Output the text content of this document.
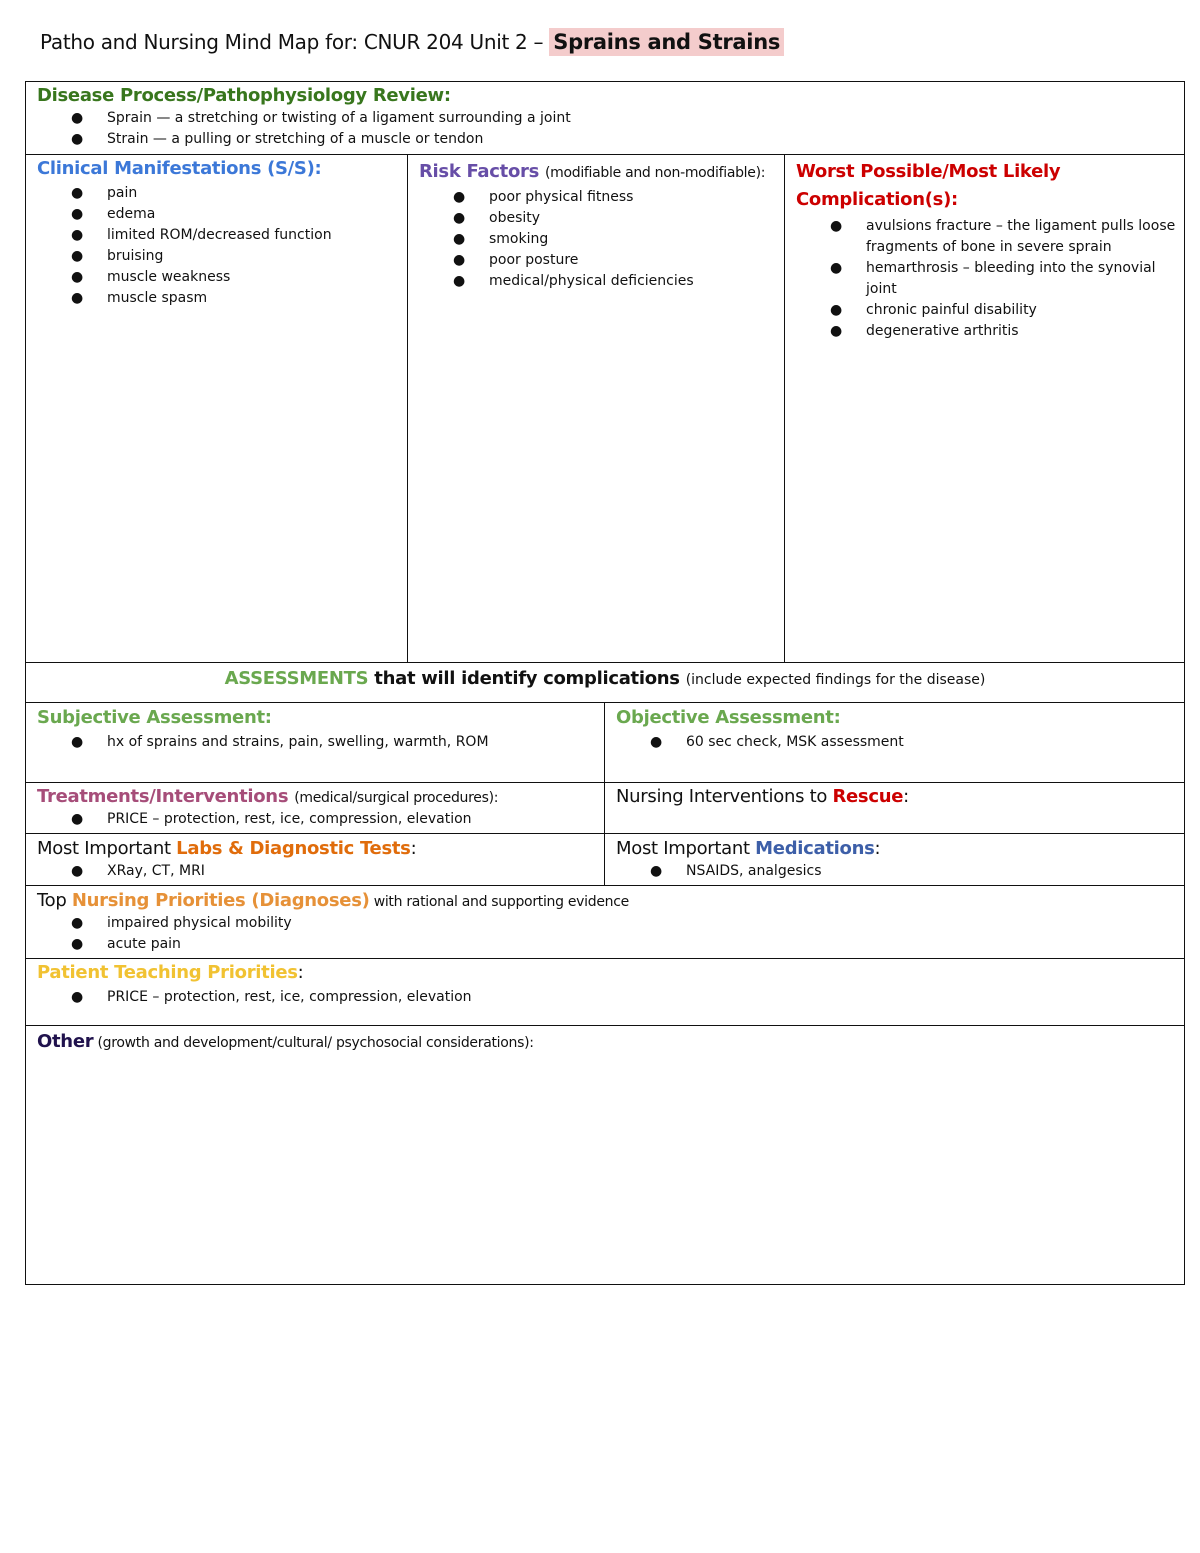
Patho and Nursing Mind Map for: CNUR 204 Unit 2 – Sprains and Strains
Disease Process/Pathophysiology Review:
● Sprain — a stretching or twisting of a ligament surrounding a joint
● Strain — a pulling or stretching of a muscle or tendon
Clinical Manifestations (S/S):
● pain
● edema
● limited ROM/decreased function
● bruising
● muscle weakness
● muscle spasm
Risk Factors (modifiable and non-modifiable):
● poor physical fitness
● obesity
● smoking
● poor posture
● medical/physical deficiencies
Worst Possible/Most Likely Complication(s):
● avulsions fracture – the ligament pulls loose fragments of bone in severe sprain
● hemarthrosis – bleeding into the synovial joint
● chronic painful disability
● degenerative arthritis
ASSESSMENTS that will identify complications (include expected findings for the disease)
Subjective Assessment:
● hx of sprains and strains, pain, swelling, warmth, ROM
Objective Assessment:
● 60 sec check, MSK assessment
Treatments/Interventions (medical/surgical procedures):
● PRICE – protection, rest, ice, compression, elevation
Nursing Interventions to Rescue:
Most Important Labs & Diagnostic Tests:
● XRay, CT, MRI
Most Important Medications:
● NSAIDS, analgesics
Top Nursing Priorities (Diagnoses) with rational and supporting evidence
● impaired physical mobility
● acute pain
Patient Teaching Priorities:
● PRICE – protection, rest, ice, compression, elevation
Other (growth and development/cultural/ psychosocial considerations):
